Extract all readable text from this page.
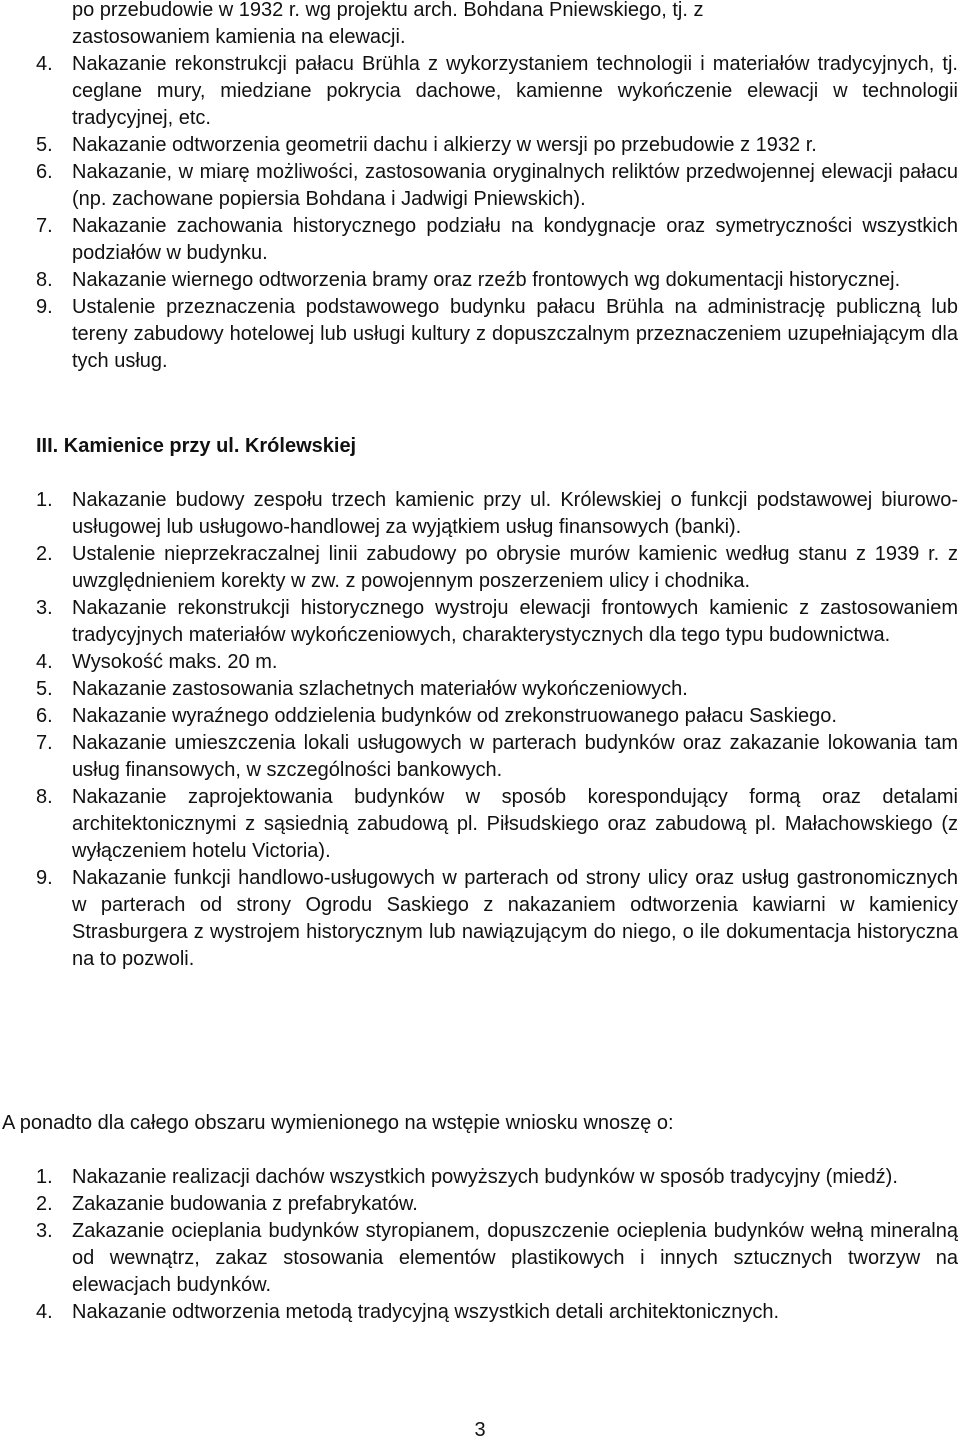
po przebudowie w 1932 r. wg projektu arch. Bohdana Pniewskiego, tj. z
zastosowaniem kamienia na elewacji.
4. Nakazanie rekonstrukcji pałacu Brühla z wykorzystaniem technologii i materiałów tradycyjnych, tj. ceglane mury, miedziane pokrycia dachowe, kamienne wykończenie elewacji w technologii tradycyjnej, etc.
5. Nakazanie odtworzenia geometrii dachu i alkierzy w wersji po przebudowie z 1932 r.
6. Nakazanie, w miarę możliwości, zastosowania oryginalnych reliktów przedwojennej elewacji pałacu (np. zachowane popiersia Bohdana i Jadwigi Pniewskich).
7. Nakazanie zachowania historycznego podziału na kondygnacje oraz symetryczności wszystkich podziałów w budynku.
8. Nakazanie wiernego odtworzenia bramy oraz rzeźb frontowych wg dokumentacji historycznej.
9. Ustalenie przeznaczenia podstawowego budynku pałacu Brühla na administrację publiczną lub tereny zabudowy hotelowej lub usługi kultury z dopuszczalnym przeznaczeniem uzupełniającym dla tych usług.
III. Kamienice przy ul. Królewskiej
1. Nakazanie budowy zespołu trzech kamienic przy ul. Królewskiej o funkcji podstawowej biurowo-usługowej lub usługowo-handlowej za wyjątkiem usług finansowych (banki).
2. Ustalenie nieprzekraczalnej linii zabudowy po obrysie murów kamienic według stanu z 1939 r. z uwzględnieniem korekty w zw. z powojennym poszerzeniem ulicy i chodnika.
3. Nakazanie rekonstrukcji historycznego wystroju elewacji frontowych kamienic z zastosowaniem tradycyjnych materiałów wykończeniowych, charakterystycznych dla tego typu budownictwa.
4. Wysokość maks. 20 m.
5. Nakazanie zastosowania szlachetnych materiałów wykończeniowych.
6. Nakazanie wyraźnego oddzielenia budynków od zrekonstruowanego pałacu Saskiego.
7. Nakazanie umieszczenia lokali usługowych w parterach budynków oraz zakazanie lokowania tam usług finansowych, w szczególności bankowych.
8. Nakazanie zaprojektowania budynków w sposób korespondujący formą oraz detalami architektonicznymi z sąsiednią zabudową pl. Piłsudskiego oraz zabudową pl. Małachowskiego (z wyłączeniem hotelu Victoria).
9. Nakazanie funkcji handlowo-usługowych w parterach od strony ulicy oraz usług gastronomicznych w parterach od strony Ogrodu Saskiego z nakazaniem odtworzenia kawiarni w kamienicy Strasburgera z wystrojem historycznym lub nawiązującym do niego, o ile dokumentacja historyczna na to pozwoli.

A ponadto dla całego obszaru wymienionego na wstępie wniosku wnoszę o:

1. Nakazanie realizacji dachów wszystkich powyższych budynków w sposób tradycyjny (miedź).
2. Zakazanie budowania z prefabrykatów.
3. Zakazanie ocieplania budynków styropianem, dopuszczenie ocieplenia budynków wełną mineralną od wewnątrz, zakaz stosowania elementów plastikowych i innych sztucznych tworzyw na elewacjach budynków.
4. Nakazanie odtworzenia metodą tradycyjną wszystkich detali architektonicznych.
3
